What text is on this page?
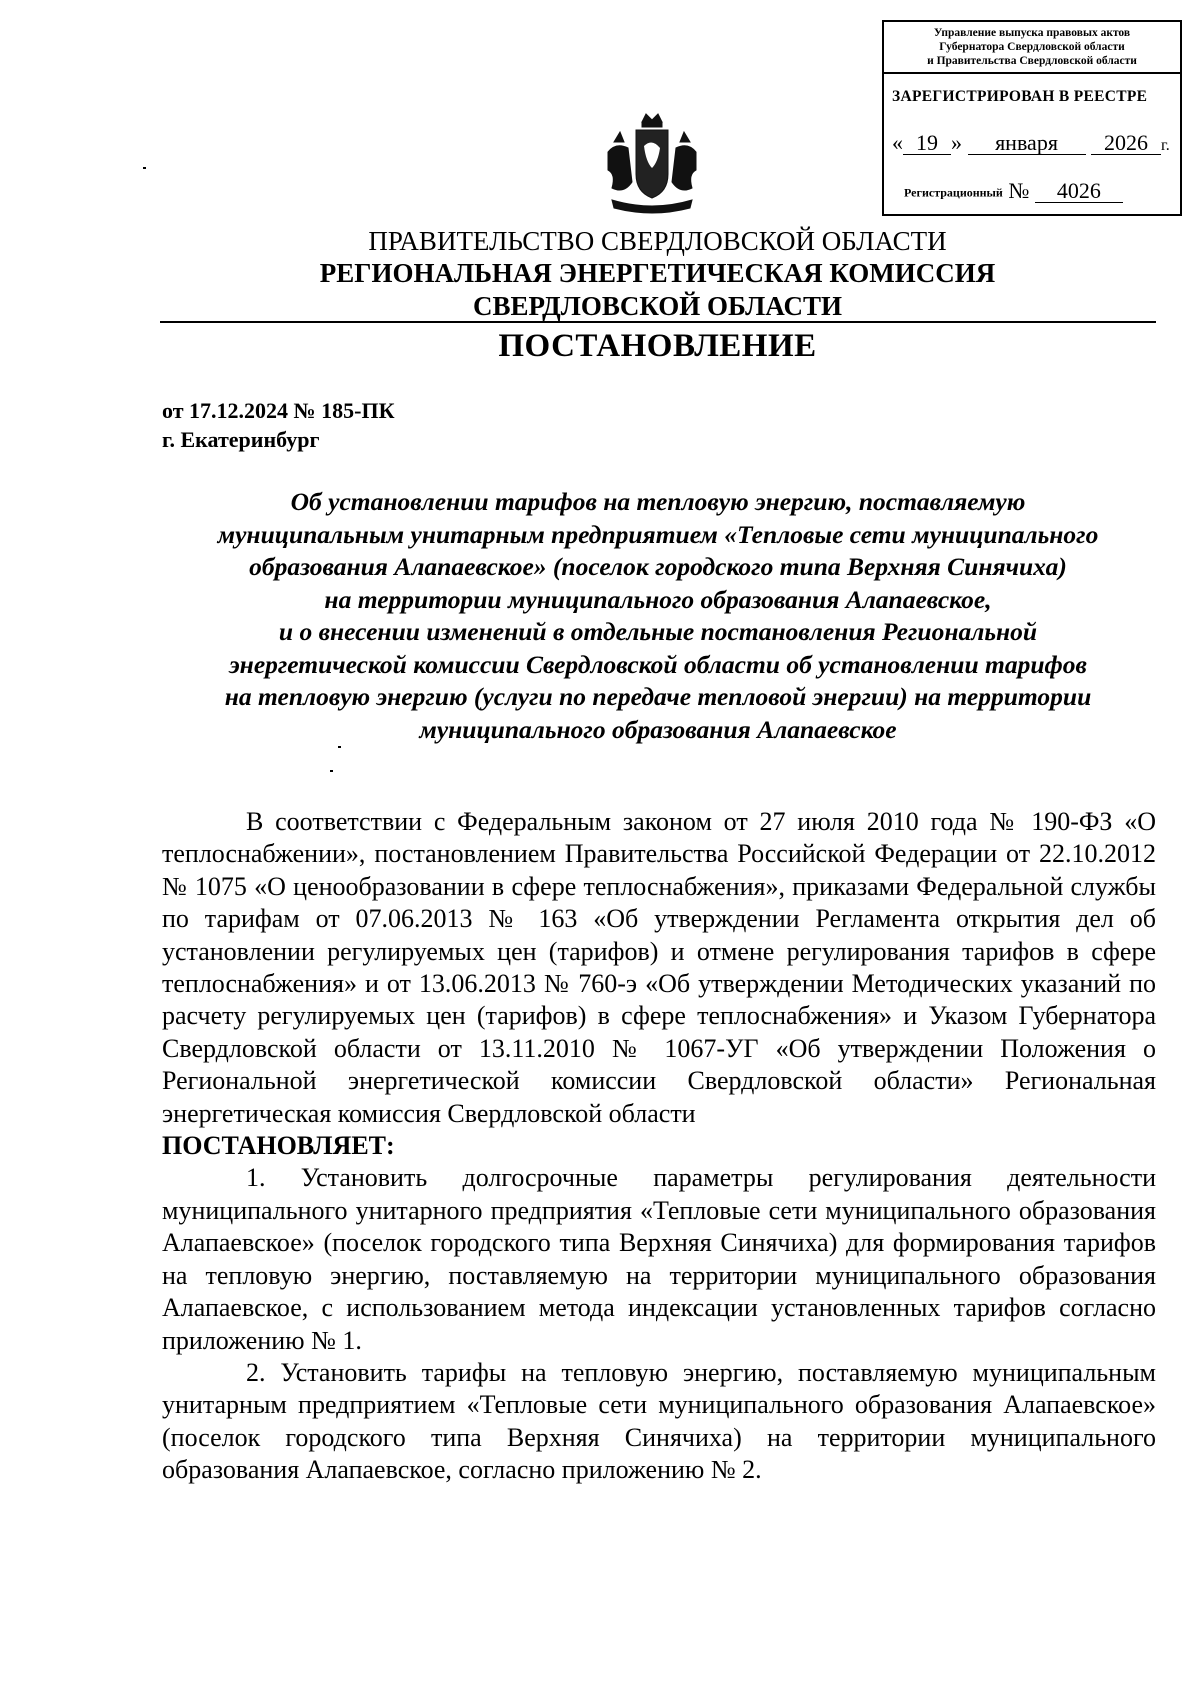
Управление выпуска правовых актов
Губернатора Свердловской области
и Правительства Свердловской области
ЗАРЕГИСТРИРОВАН В РЕЕСТРЕ
« 19 » января 2026 г.
Регистрационный № 4026
ПРАВИТЕЛЬСТВО СВЕРДЛОВСКОЙ ОБЛАСТИ
РЕГИОНАЛЬНАЯ ЭНЕРГЕТИЧЕСКАЯ КОМИССИЯ
СВЕРДЛОВСКОЙ ОБЛАСТИ
ПОСТАНОВЛЕНИЕ
от 17.12.2024 № 185-ПК
г. Екатеринбург
Об установлении тарифов на тепловую энергию, поставляемую
муниципальным унитарным предприятием «Тепловые сети муниципального
образования Алапаевское» (поселок городского типа Верхняя Синячиха)
на территории муниципального образования Алапаевское,
и о внесении изменений в отдельные постановления Региональной
энергетической комиссии Свердловской области об установлении тарифов
на тепловую энергию (услуги по передаче тепловой энергии) на территории
муниципального образования Алапаевское

В соответствии с Федеральным законом от 27 июля 2010 года № 190-ФЗ «О теплоснабжении», постановлением Правительства Российской Федерации от 22.10.2012 № 1075 «О ценообразовании в сфере теплоснабжения», приказами Федеральной службы по тарифам от 07.06.2013 № 163 «Об утверждении Регламента открытия дел об установлении регулируемых цен (тарифов) и отмене регулирования тарифов в сфере теплоснабжения» и от 13.06.2013 № 760-э «Об утверждении Методических указаний по расчету регулируемых цен (тарифов) в сфере теплоснабжения» и Указом Губернатора Свердловской области от 13.11.2010 № 1067-УГ «Об утверждении Положения о Региональной энергетической комиссии Свердловской области» Региональная энергетическая комиссия Свердловской области

ПОСТАНОВЛЯЕТ:

1. Установить долгосрочные параметры регулирования деятельности муниципального унитарного предприятия «Тепловые сети муниципального образования Алапаевское» (поселок городского типа Верхняя Синячиха) для формирования тарифов на тепловую энергию, поставляемую на территории муниципального образования Алапаевское, с использованием метода индексации установленных тарифов согласно приложению № 1.

2. Установить тарифы на тепловую энергию, поставляемую муниципальным унитарным предприятием «Тепловые сети муниципального образования Алапаевское» (поселок городского типа Верхняя Синячиха) на территории муниципального образования Алапаевское, согласно приложению № 2.
